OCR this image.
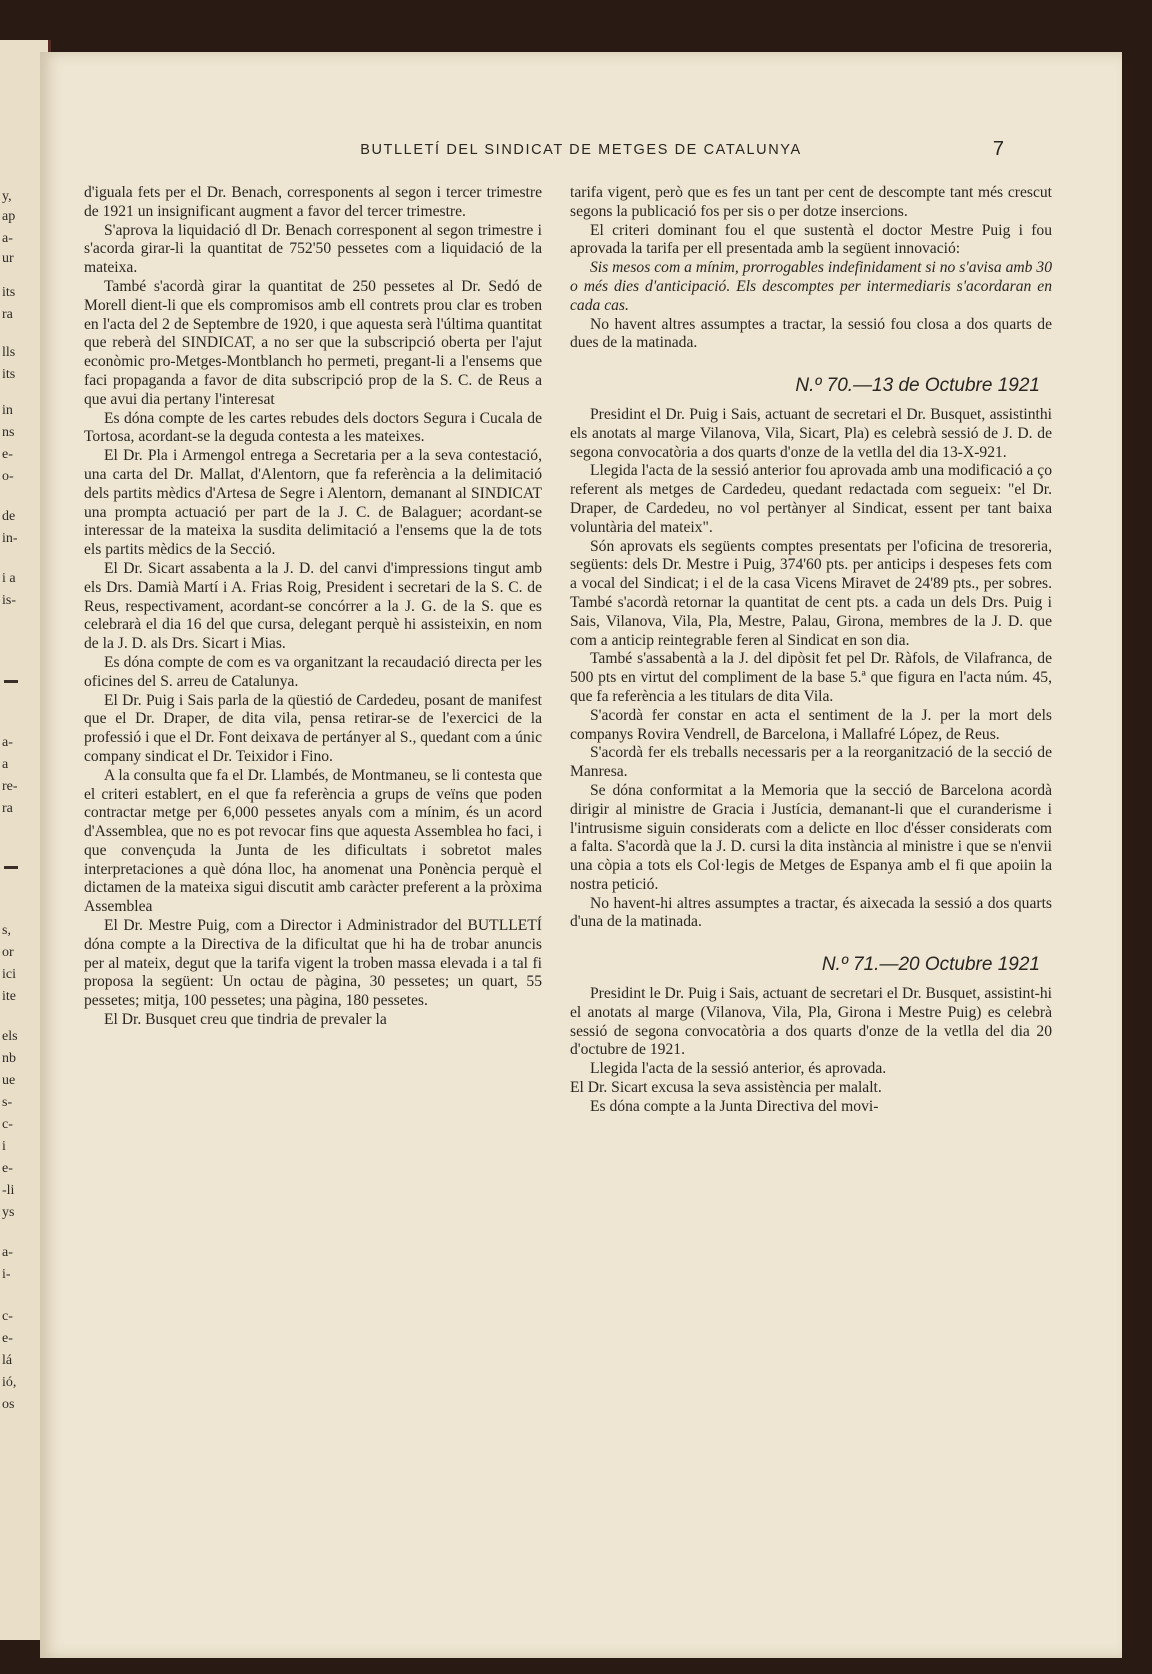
y,
ap
a-
ur
its
ra
lls
its
in
ns
e-
o-
de
in-
i a
is-
a-
a
re-
ra
s,
or
ici
ite
els
nb
ue
s-
c-
i
e-
-li
ys
a-
i-
c-
e-
lá
ió,
os
BUTLLETÍ DEL SINDICAT DE METGES DE CATALUNYA	7

d'iguala fets per el Dr. Benach, corresponents al segon i tercer trimestre de 1921 un insignificant augment a favor del tercer trimestre.

S'aprova la liquidació dl Dr. Benach corresponent al segon trimestre i s'acorda girar-li la quantitat de 752'50 pessetes com a liquidació de la mateixa.

També s'acordà girar la quantitat de 250 pessetes al Dr. Sedó de Morell dient-li que els compromisos amb ell contrets prou clar es troben en l'acta del 2 de Septembre de 1920, i que aquesta serà l'última quantitat que reberà del SINDICAT, a no ser que la subscripció oberta per l'ajut econòmic pro-Metges-Montblanch ho permeti, pregant-li a l'ensems que faci propaganda a favor de dita subscripció prop de la S. C. de Reus a que avui dia pertany l'interesat

Es dóna compte de les cartes rebudes dels doctors Segura i Cucala de Tortosa, acordant-se la deguda contesta a les mateixes.

El Dr. Pla i Armengol entrega a Secretaria per a la seva contestació, una carta del Dr. Mallat, d'Alentorn, que fa referència a la delimitació dels partits mèdics d'Artesa de Segre i Alentorn, demanant al SINDICAT una prompta actuació per part de la J. C. de Balaguer; acordant-se interessar de la mateixa la susdita delimitació a l'ensems que la de tots els partits mèdics de la Secció.

El Dr. Sicart assabenta a la J. D. del canvi d'impressions tingut amb els Drs. Damià Martí i A. Frias Roig, President i secretari de la S. C. de Reus, respectivament, acordant-se concórrer a la J. G. de la S. que es celebrarà el dia 16 del que cursa, delegant perquè hi assisteixin, en nom de la J. D. als Drs. Sicart i Mias.

Es dóna compte de com es va organitzant la recaudació directa per les oficines del S. arreu de Catalunya.

El Dr. Puig i Sais parla de la qüestió de Cardedeu, posant de manifest que el Dr. Draper, de dita vila, pensa retirar-se de l'exercici de la professió i que el Dr. Font deixava de pertányer al S., quedant com a únic company sindicat el Dr. Teixidor i Fino.

A la consulta que fa el Dr. Llambés, de Montmaneu, se li contesta que el criteri establert, en el que fa referència a grups de veïns que poden contractar metge per 6,000 pessetes anyals com a mínim, és un acord d'Assemblea, que no es pot revocar fins que aquesta Assemblea ho faci, i que convençuda la Junta de les dificultats i sobretot males interpretaciones a què dóna lloc, ha anomenat una Ponència perquè el dictamen de la mateixa sigui discutit amb caràcter preferent a la pròxima Assemblea

El Dr. Mestre Puig, com a Director i Administrador del BUTLLETÍ dóna compte a la Directiva de la dificultat que hi ha de trobar anuncis per al mateix, degut que la tarifa vigent la troben massa elevada i a tal fi proposa la següent: Un octau de pàgina, 30 pessetes; un quart, 55 pessetes; mitja, 100 pessetes; una pàgina, 180 pessetes.

El Dr. Busquet creu que tindria de prevaler la

tarifa vigent, però que es fes un tant per cent de descompte tant més crescut segons la publicació fos per sis o per dotze insercions.

El criteri dominant fou el que sustentà el doctor Mestre Puig i fou aprovada la tarifa per ell presentada amb la següent innovació:

Sis mesos com a mínim, prorrogables indefinidament si no s'avisa amb 30 o més dies d'anticipació. Els descomptes per intermediaris s'acordaran en cada cas.

No havent altres assumptes a tractar, la sessió fou closa a dos quarts de dues de la matinada.

N.º 70.—13 de Octubre 1921

Presidint el Dr. Puig i Sais, actuant de secretari el Dr. Busquet, assistinthi els anotats al marge Vilanova, Vila, Sicart, Pla) es celebrà sessió de J. D. de segona convocatòria a dos quarts d'onze de la vetlla del dia 13-X-921.

Llegida l'acta de la sessió anterior fou aprovada amb una modificació a ço referent als metges de Cardedeu, quedant redactada com segueix: "el Dr. Draper, de Cardedeu, no vol pertànyer al Sindicat, essent per tant baixa voluntària del mateix".

Són aprovats els següents comptes presentats per l'oficina de tresoreria, següents: dels Dr. Mestre i Puig, 374'60 pts. per anticips i despeses fets com a vocal del Sindicat; i el de la casa Vicens Miravet de 24'89 pts., per sobres. També s'acordà retornar la quantitat de cent pts. a cada un dels Drs. Puig i Sais, Vilanova, Vila, Pla, Mestre, Palau, Girona, membres de la J. D. que com a anticip reintegrable feren al Sindicat en son dia.

També s'assabentà a la J. del dipòsit fet pel Dr. Ràfols, de Vilafranca, de 500 pts en virtut del compliment de la base 5.ª que figura en l'acta núm. 45, que fa referència a les titulars de dita Vila.

S'acordà fer constar en acta el sentiment de la J. per la mort dels companys Rovira Vendrell, de Barcelona, i Mallafré López, de Reus.

S'acordà fer els treballs necessaris per a la reorganització de la secció de Manresa.

Se dóna conformitat a la Memoria que la secció de Barcelona acordà dirigir al ministre de Gracia i Justícia, demanant-li que el curanderisme i l'intrusisme siguin considerats com a delicte en lloc d'ésser considerats com a falta. S'acordà que la J. D. cursi la dita instància al ministre i que se n'envii una còpia a tots els Col·legis de Metges de Espanya amb el fi que apoiin la nostra petició.

No havent-hi altres assumptes a tractar, és aixecada la sessió a dos quarts d'una de la matinada.

N.º 71.—20 Octubre 1921

Presidint le Dr. Puig i Sais, actuant de secretari el Dr. Busquet, assistint-hi el anotats al marge (Vilanova, Vila, Pla, Girona i Mestre Puig) es celebrà sessió de segona convocatòria a dos quarts d'onze de la vetlla del dia 20 d'octubre de 1921.

Llegida l'acta de la sessió anterior, és aprovada.

El Dr. Sicart excusa la seva assistència per malalt.

Es dóna compte a la Junta Directiva del movi-
